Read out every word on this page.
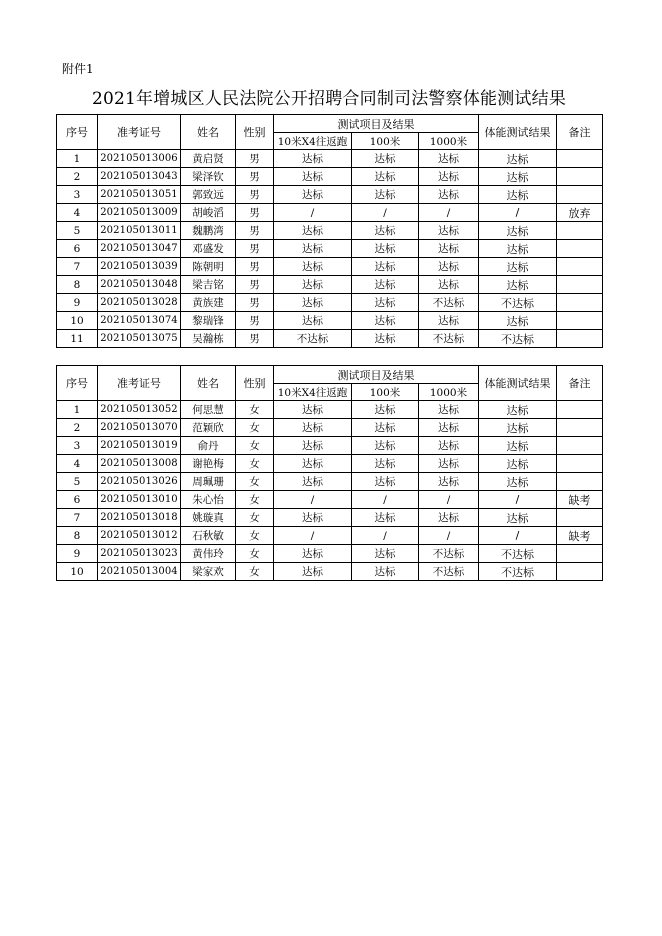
附件1
2021年增城区人民法院公开招聘合同制司法警察体能测试结果
序号	准考证号	姓名	性别	测试项目及结果			体能测试结果	备注
				10米X4往返跑	100米	1000米		
1	202105013006	黄启贤	男	达标	达标	达标	达标	
2	202105013043	梁泽钦	男	达标	达标	达标	达标	
3	202105013051	郭致远	男	达标	达标	达标	达标	
4	202105013009	胡峻滔	男	/	/	/	/	放弃
5	202105013011	魏鹏湾	男	达标	达标	达标	达标	
6	202105013047	邓盛发	男	达标	达标	达标	达标	
7	202105013039	陈朝明	男	达标	达标	达标	达标	
8	202105013048	梁吉铭	男	达标	达标	达标	达标	
9	202105013028	黄族建	男	达标	达标	不达标	不达标	
10	202105013074	黎瑞锋	男	达标	达标	达标	达标	
11	202105013075	吴瀚栋	男	不达标	达标	不达标	不达标	
序号	准考证号	姓名	性别	测试项目及结果			体能测试结果	备注
				10米X4往返跑	100米	1000米		
1	202105013052	何思慧	女	达标	达标	达标	达标	
2	202105013070	范颖欣	女	达标	达标	达标	达标	
3	202105013019	俞丹	女	达标	达标	达标	达标	
4	202105013008	谢艳梅	女	达标	达标	达标	达标	
5	202105013026	周珮珊	女	达标	达标	达标	达标	
6	202105013010	朱心怡	女	/	/	/	/	缺考
7	202105013018	姚璇真	女	达标	达标	达标	达标	
8	202105013012	石秋敏	女	/	/	/	/	缺考
9	202105013023	黄伟玲	女	达标	达标	不达标	不达标	
10	202105013004	梁家欢	女	达标	达标	不达标	不达标	
